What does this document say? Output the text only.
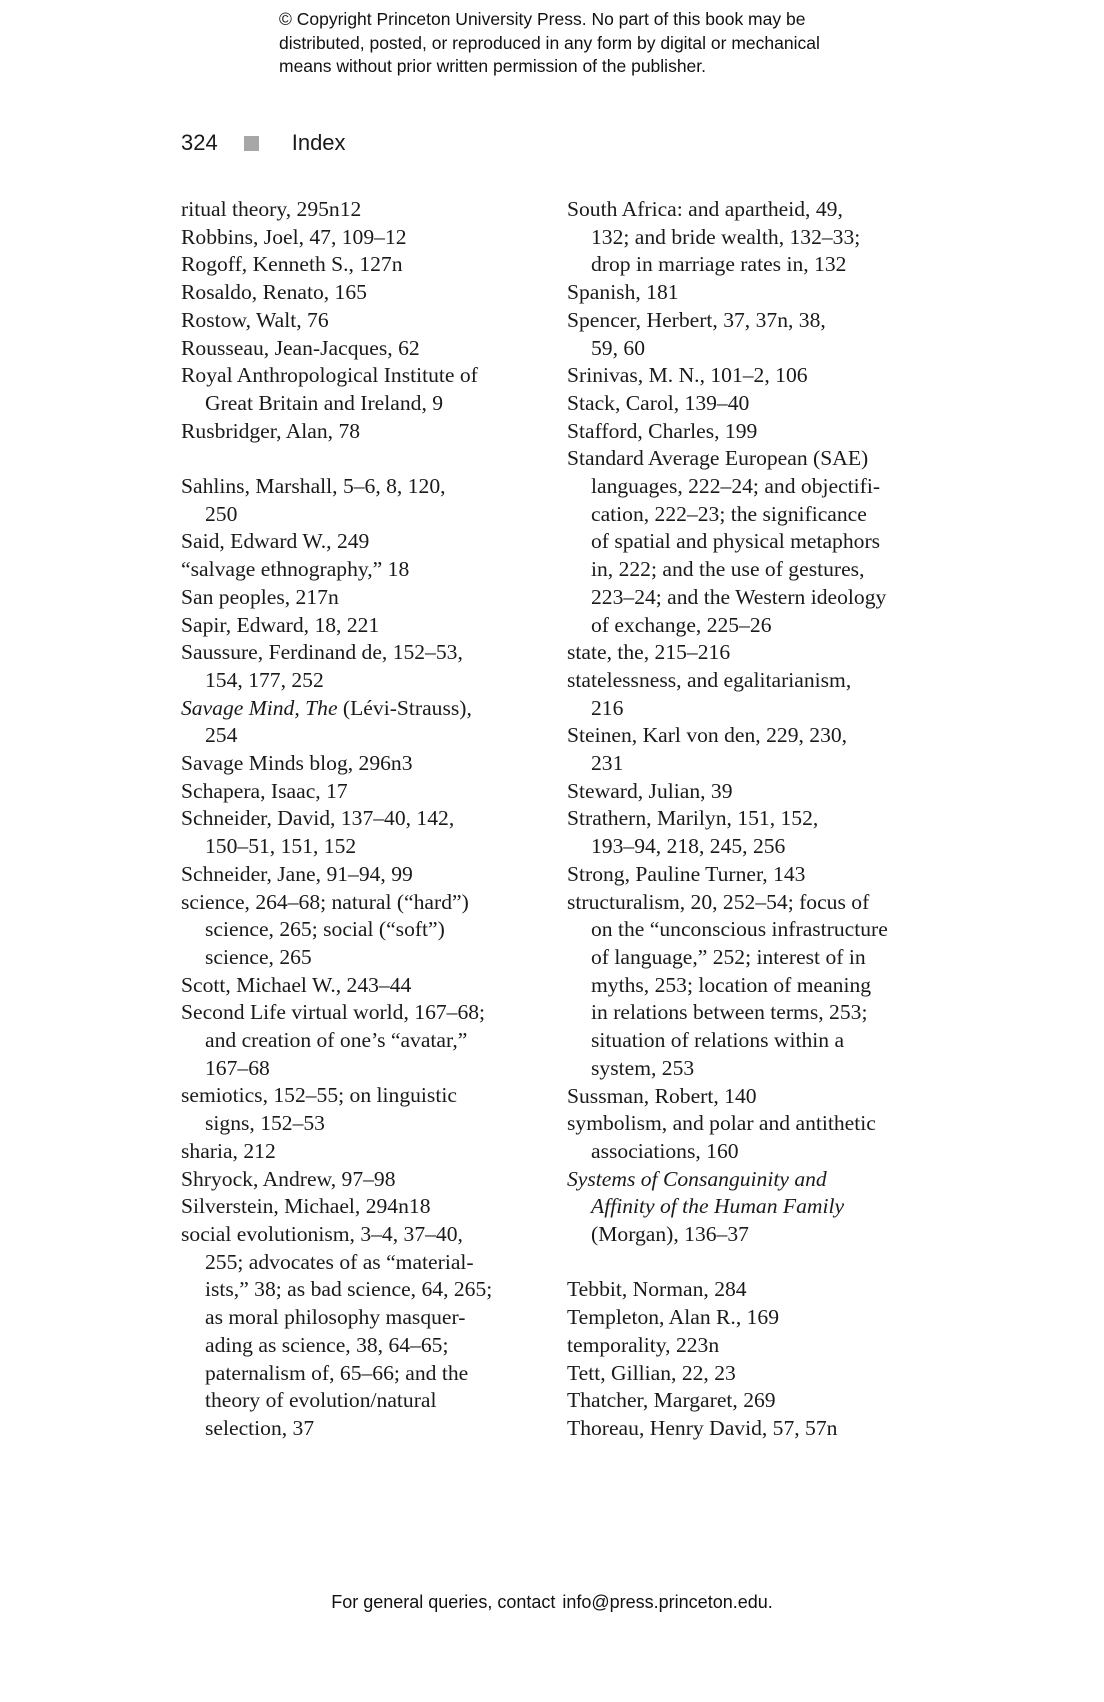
© Copyright Princeton University Press. No part of this book may be
distributed, posted, or reproduced in any form by digital or mechanical
means without prior written permission of the publisher.
324	Index
ritual theory, 295n12
Robbins, Joel, 47, 109–12
Rogoff, Kenneth S., 127n
Rosaldo, Renato, 165
Rostow, Walt, 76
Rousseau, Jean-Jacques, 62
Royal Anthropological Institute of
Great Britain and Ireland, 9
Rusbridger, Alan, 78
Sahlins, Marshall, 5–6, 8, 120,
250
Said, Edward W., 249
“salvage ethnography,” 18
San peoples, 217n
Sapir, Edward, 18, 221
Saussure, Ferdinand de, 152–53,
154, 177, 252
Savage Mind, The (Lévi-Strauss),
254
Savage Minds blog, 296n3
Schapera, Isaac, 17
Schneider, David, 137–40, 142,
150–51, 151, 152
Schneider, Jane, 91–94, 99
science, 264–68; natural (“hard”)
science, 265; social (“soft”)
science, 265
Scott, Michael W., 243–44
Second Life virtual world, 167–68;
and creation of one’s “avatar,”
167–68
semiotics, 152–55; on linguistic
signs, 152–53
sharia, 212
Shryock, Andrew, 97–98
Silverstein, Michael, 294n18
social evolutionism, 3–4, 37–40,
255; advocates of as “material-
ists,” 38; as bad science, 64, 265;
as moral philosophy masquer-
ading as science, 38, 64–65;
paternalism of, 65–66; and the
theory of evolution/natural
selection, 37
South Africa: and apartheid, 49,
132; and bride wealth, 132–33;
drop in marriage rates in, 132
Spanish, 181
Spencer, Herbert, 37, 37n, 38,
59, 60
Srinivas, M. N., 101–2, 106
Stack, Carol, 139–40
Stafford, Charles, 199
Standard Average European (SAE)
languages, 222–24; and objectifi-
cation, 222–23; the significance
of spatial and physical metaphors
in, 222; and the use of gestures,
223–24; and the Western ideology
of exchange, 225–26
state, the, 215–216
statelessness, and egalitarianism,
216
Steinen, Karl von den, 229, 230,
231
Steward, Julian, 39
Strathern, Marilyn, 151, 152,
193–94, 218, 245, 256
Strong, Pauline Turner, 143
structuralism, 20, 252–54; focus of
on the “unconscious infrastructure
of language,” 252; interest of in
myths, 253; location of meaning
in relations between terms, 253;
situation of relations within a
system, 253
Sussman, Robert, 140
symbolism, and polar and antithetic
associations, 160
Systems of Consanguinity and
Affinity of the Human Family
(Morgan), 136–37
Tebbit, Norman, 284
Templeton, Alan R., 169
temporality, 223n
Tett, Gillian, 22, 23
Thatcher, Margaret, 269
Thoreau, Henry David, 57, 57n
For general queries, contact info@press.princeton.edu.
